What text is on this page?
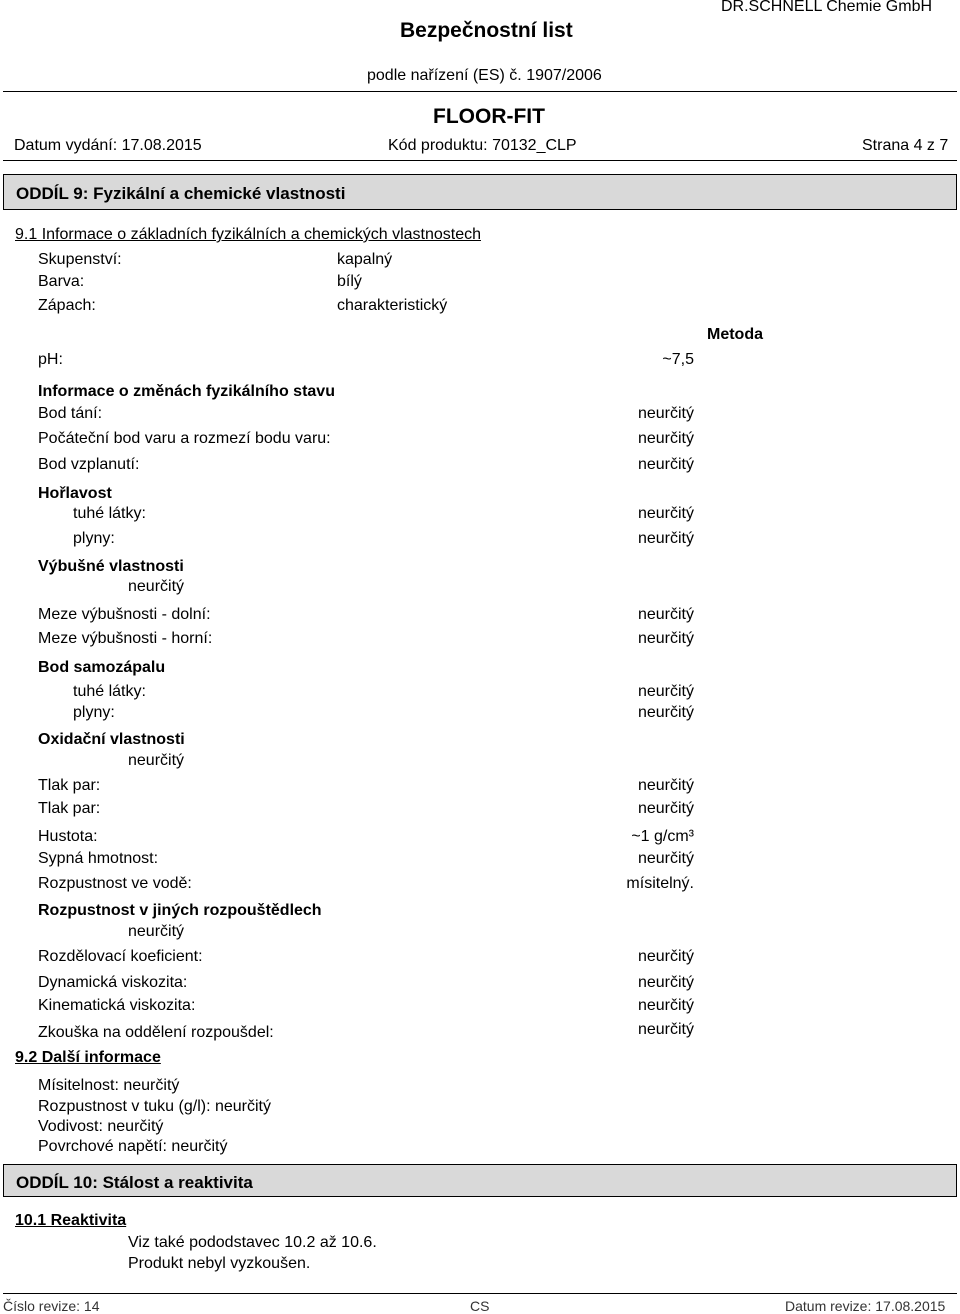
Bezpečnostní list
DR.SCHNELL Chemie GmbH
podle nařízení (ES) č. 1907/2006
FLOOR-FIT
Datum vydání: 17.08.2015	Kód produktu: 70132_CLP	Strana 4 z 7
ODDÍL 9: Fyzikální a chemické vlastnosti
9.1 Informace o základních fyzikálních a chemických vlastnostech
Skupenství:	kapalný
Barva:	bílý
Zápach:	charakteristický
Metoda
pH:	~7,5
Informace o změnách fyzikálního stavu
Bod tání:	neurčitý
Počáteční bod varu a rozmezí bodu varu:	neurčitý
Bod vzplanutí:	neurčitý
Hořlavost
tuhé látky:	neurčitý
plyny:	neurčitý
Výbušné vlastnosti
neurčitý
Meze výbušnosti - dolní:	neurčitý
Meze výbušnosti - horní:	neurčitý
Bod samozápalu
tuhé látky:	neurčitý
plyny:	neurčitý
Oxidační vlastnosti
neurčitý
Tlak par:	neurčitý
Tlak par:	neurčitý
Hustota:	~1 g/cm³
Sypná hmotnost:	neurčitý
Rozpustnost ve vodě:	mísitelný.
Rozpustnost v jiných rozpouštědlech
neurčitý
Rozdělovací koeficient:	neurčitý
Dynamická viskozita:	neurčitý
Kinematická viskozita:	neurčitý
Zkouška na oddělení rozpoušdel:	neurčitý
9.2 Další informace
Mísitelnost: neurčitý
Rozpustnost v tuku (g/l): neurčitý
Vodivost: neurčitý
Povrchové napětí: neurčitý
ODDÍL 10: Stálost a reaktivita
10.1 Reaktivita
Viz také pododstavec 10.2 až 10.6.
Produkt nebyl vyzkoušen.
Číslo revize: 14	CS	Datum revize: 17.08.2015
